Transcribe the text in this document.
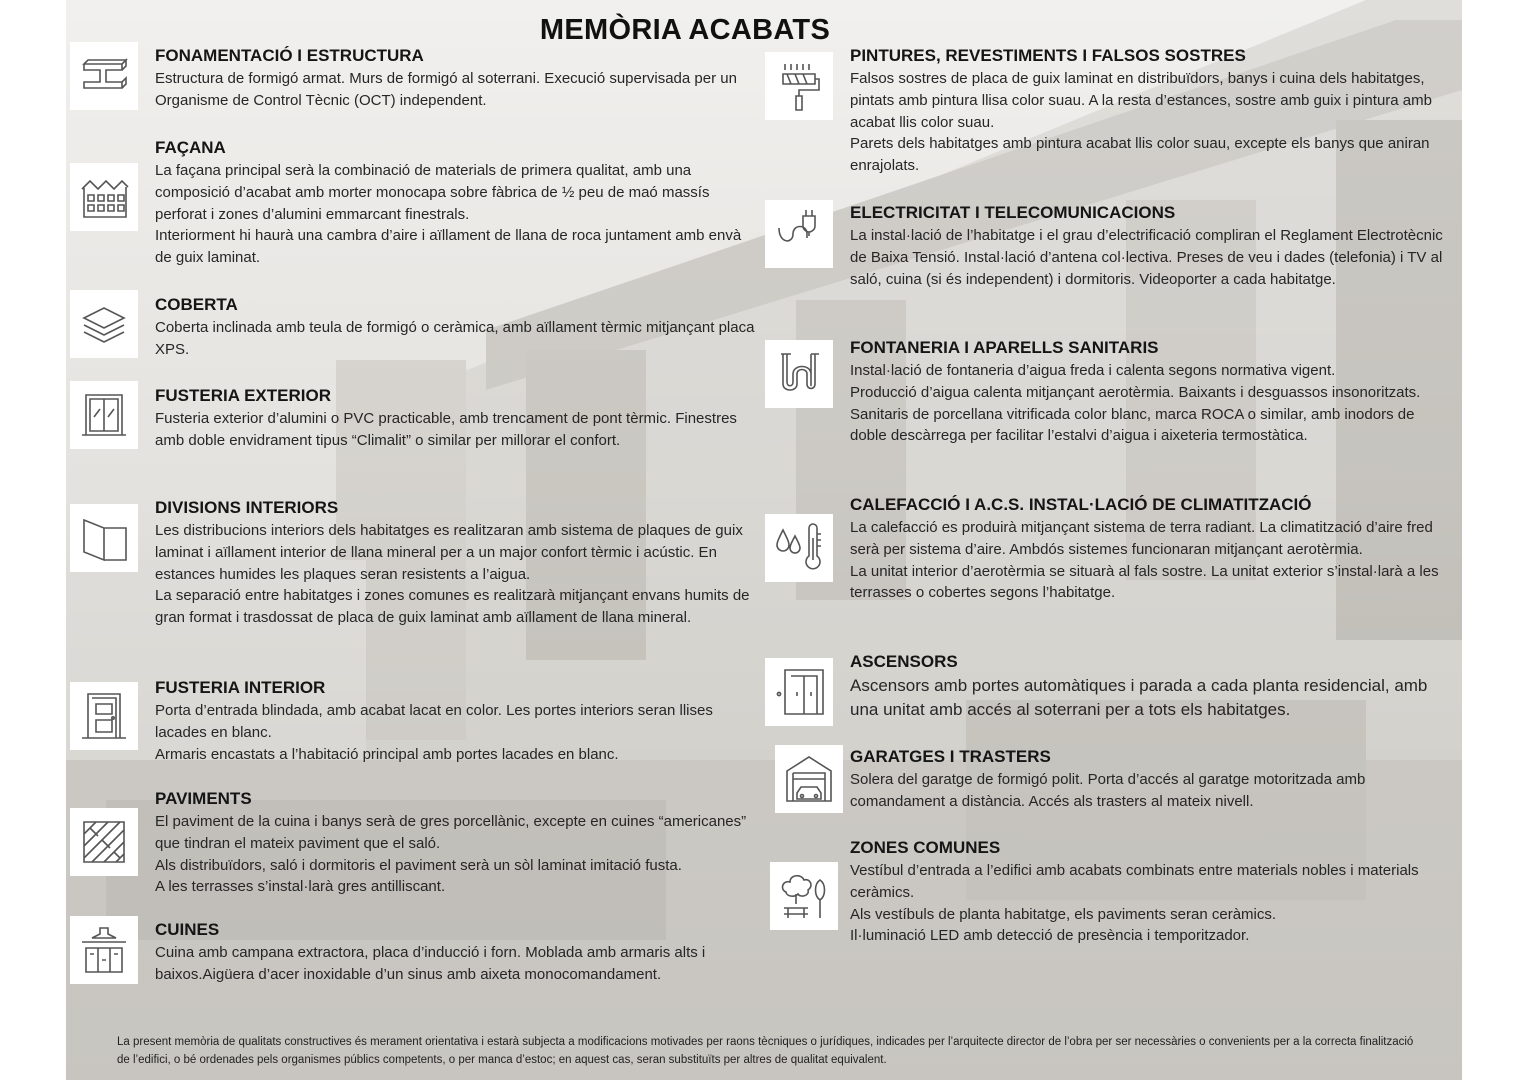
MEMÒRIA ACABATS
FONAMENTACIÓ I ESTRUCTURA

Estructura de formigó armat. Murs de formigó al soterrani. Execució supervisada per un Organisme de Control Tècnic (OCT) independent.

FAÇANA

La façana principal serà la combinació de materials de primera qualitat, amb una composició d’acabat amb morter monocapa sobre fàbrica de ½ peu de maó massís perforat i zones d’alumini emmarcant finestrals.

Interiorment hi haurà una cambra d’aire i aïllament de llana de roca juntament amb envà de guix laminat.

COBERTA

Coberta inclinada amb teula de formigó o ceràmica, amb aïllament tèrmic mitjançant placa XPS.

FUSTERIA EXTERIOR

Fusteria exterior d’alumini o PVC practicable, amb trencament de pont tèrmic. Finestres amb doble envidrament tipus “Climalit” o similar per millorar el confort.

DIVISIONS INTERIORS

Les distribucions interiors dels habitatges es realitzaran amb sistema de plaques de guix laminat i aïllament interior de llana mineral per a un major confort tèrmic i acústic. En estances humides les plaques seran resistents a l’aigua.

La separació entre habitatges i zones comunes es realitzarà mitjançant envans humits de gran format i trasdossat de placa de guix laminat amb aïllament de llana mineral.

FUSTERIA INTERIOR

Porta d’entrada blindada, amb acabat lacat en color. Les portes interiors seran llises lacades en blanc.

Armaris encastats a l’habitació principal amb portes lacades en blanc.

PAVIMENTS

El paviment de la cuina i banys serà de gres porcellànic, excepte en cuines “americanes” que tindran el mateix paviment que el saló.

Als distribuïdors, saló i dormitoris el paviment serà un sòl laminat imitació fusta.

A les terrasses s’instal·larà gres antilliscant.

CUINES

Cuina amb campana extractora, placa d’inducció i forn. Moblada amb armaris alts i baixos.Aigüera d’acer inoxidable d’un sinus amb aixeta monocomandament.

PINTURES, REVESTIMENTS I FALSOS SOSTRES

Falsos sostres de placa de guix laminat en distribuïdors, banys i cuina dels habitatges, pintats amb pintura llisa color suau. A la resta d’estances, sostre amb guix i pintura amb acabat llis color suau.

Parets dels habitatges amb pintura acabat llis color suau, excepte els banys que aniran enrajolats.

ELECTRICITAT I TELECOMUNICACIONS

La instal·lació de l’habitatge i el grau d’electrificació compliran el Reglament Electrotècnic de Baixa Tensió. Instal·lació d’antena col·lectiva. Preses de veu i dades (telefonia) i TV al saló, cuina (si és independent) i dormitoris. Videoporter a cada habitatge.

FONTANERIA I APARELLS SANITARIS

Instal·lació de fontaneria d’aigua freda i calenta segons normativa vigent.

Producció d’aigua calenta mitjançant aerotèrmia. Baixants i desguassos insonoritzats.

Sanitaris de porcellana vitrificada color blanc, marca ROCA o similar, amb inodors de doble descàrrega per facilitar l’estalvi d’aigua i aixeteria termostàtica.

CALEFACCIÓ I A.C.S. INSTAL·LACIÓ DE CLIMATITZACIÓ

La calefacció es produirà mitjançant sistema de terra radiant. La climatització d’aire fred serà per sistema d’aire. Ambdós sistemes funcionaran mitjançant aerotèrmia.

La unitat interior d’aerotèrmia se situarà al fals sostre. La unitat exterior s’instal·larà a les terrasses o cobertes segons l’habitatge.

ASCENSORS

Ascensors amb portes automàtiques i parada a cada planta residencial, amb una unitat amb accés al soterrani per a tots els habitatges.

GARATGES I TRASTERS

Solera del garatge de formigó polit. Porta d’accés al garatge motoritzada amb comandament a distància. Accés als trasters al mateix nivell.

ZONES COMUNES

Vestíbul d’entrada a l’edifici amb acabats combinats entre materials nobles i materials ceràmics.

Als vestíbuls de planta habitatge, els paviments seran ceràmics.

Il·luminació LED amb detecció de presència i temporitzador.

La present memòria de qualitats constructives és merament orientativa i estarà subjecta a modificacions motivades per raons tècniques o jurídiques, indicades per l’arquitecte director de l’obra per ser necessàries o convenients per a la correcta finalització de l’edifici, o bé ordenades pels organismes públics competents, o per manca d’estoc; en aquest cas, seran substituïts per altres de qualitat equivalent.
